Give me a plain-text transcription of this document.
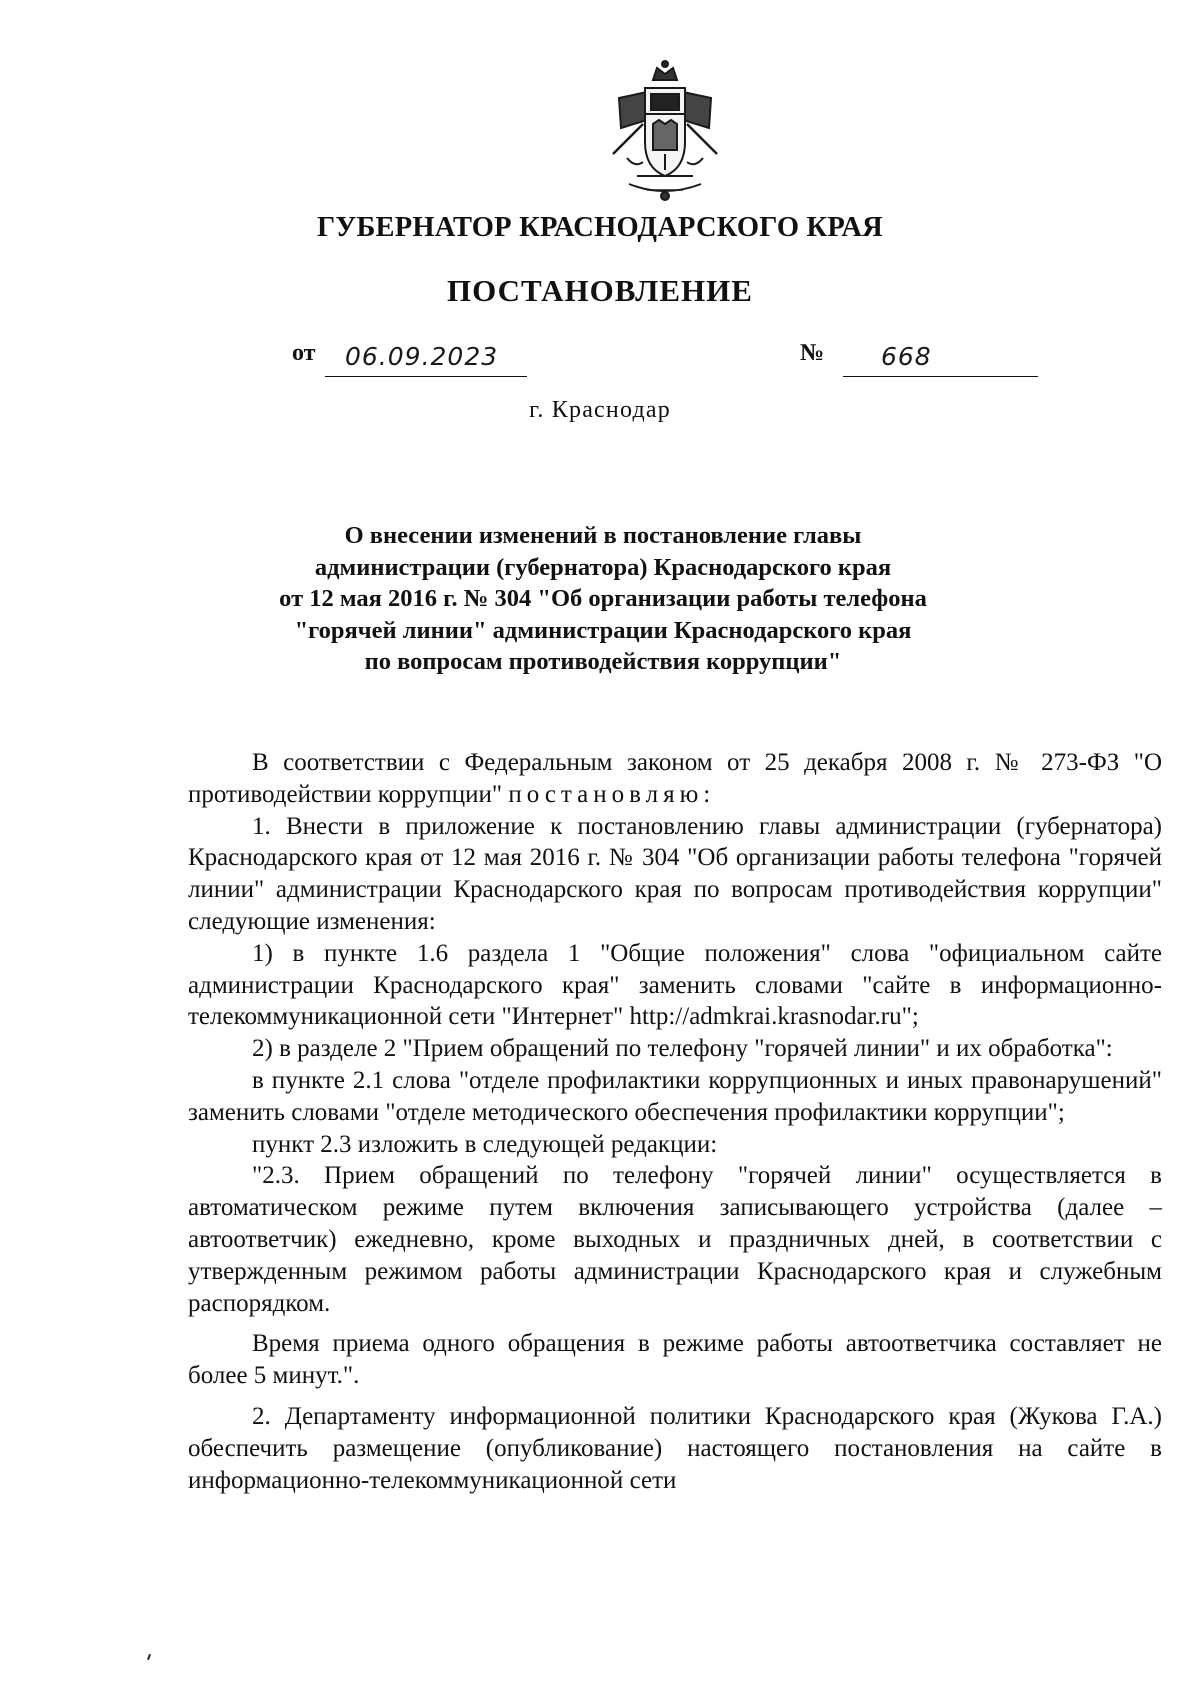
ГУБЕРНАТОР КРАСНОДАРСКОГО КРАЯ
ПОСТАНОВЛЕНИЕ
от 06.09.2023	№ 668
г. Краснодар
О внесении изменений в постановление главы
администрации (губернатора) Краснодарского края
от 12 мая 2016 г. № 304 "Об организации работы телефона
"горячей линии" администрации Краснодарского края
по вопросам противодействия коррупции"

В соответствии с Федеральным законом от 25 декабря 2008 г. № 273-ФЗ "О противодействии коррупции" постановляю:

1. Внести в приложение к постановлению главы администрации (губернатора) Краснодарского края от 12 мая 2016 г. № 304 "Об организации работы телефона "горячей линии" администрации Краснодарского края по вопросам противодействия коррупции" следующие изменения:

1) в пункте 1.6 раздела 1 "Общие положения" слова "официальном сайте администрации Краснодарского края" заменить словами "сайте в информационно-телекоммуникационной сети "Интернет" http://admkrai.krasnodar.ru";

2) в разделе 2 "Прием обращений по телефону "горячей линии" и их обработка":

в пункте 2.1 слова "отделе профилактики коррупционных и иных правонарушений" заменить словами "отделе методического обеспечения профилактики коррупции";

пункт 2.3 изложить в следующей редакции:

"2.3. Прием обращений по телефону "горячей линии" осуществляется в автоматическом режиме путем включения записывающего устройства (далее – автоответчик) ежедневно, кроме выходных и праздничных дней, в соответствии с утвержденным режимом работы администрации Краснодарского края и служебным распорядком.

Время приема одного обращения в режиме работы автоответчика составляет не более 5 минут.".

2. Департаменту информационной политики Краснодарского края (Жукова Г.А.) обеспечить размещение (опубликование) настоящего постановления на сайте в информационно-телекоммуникационной сети
